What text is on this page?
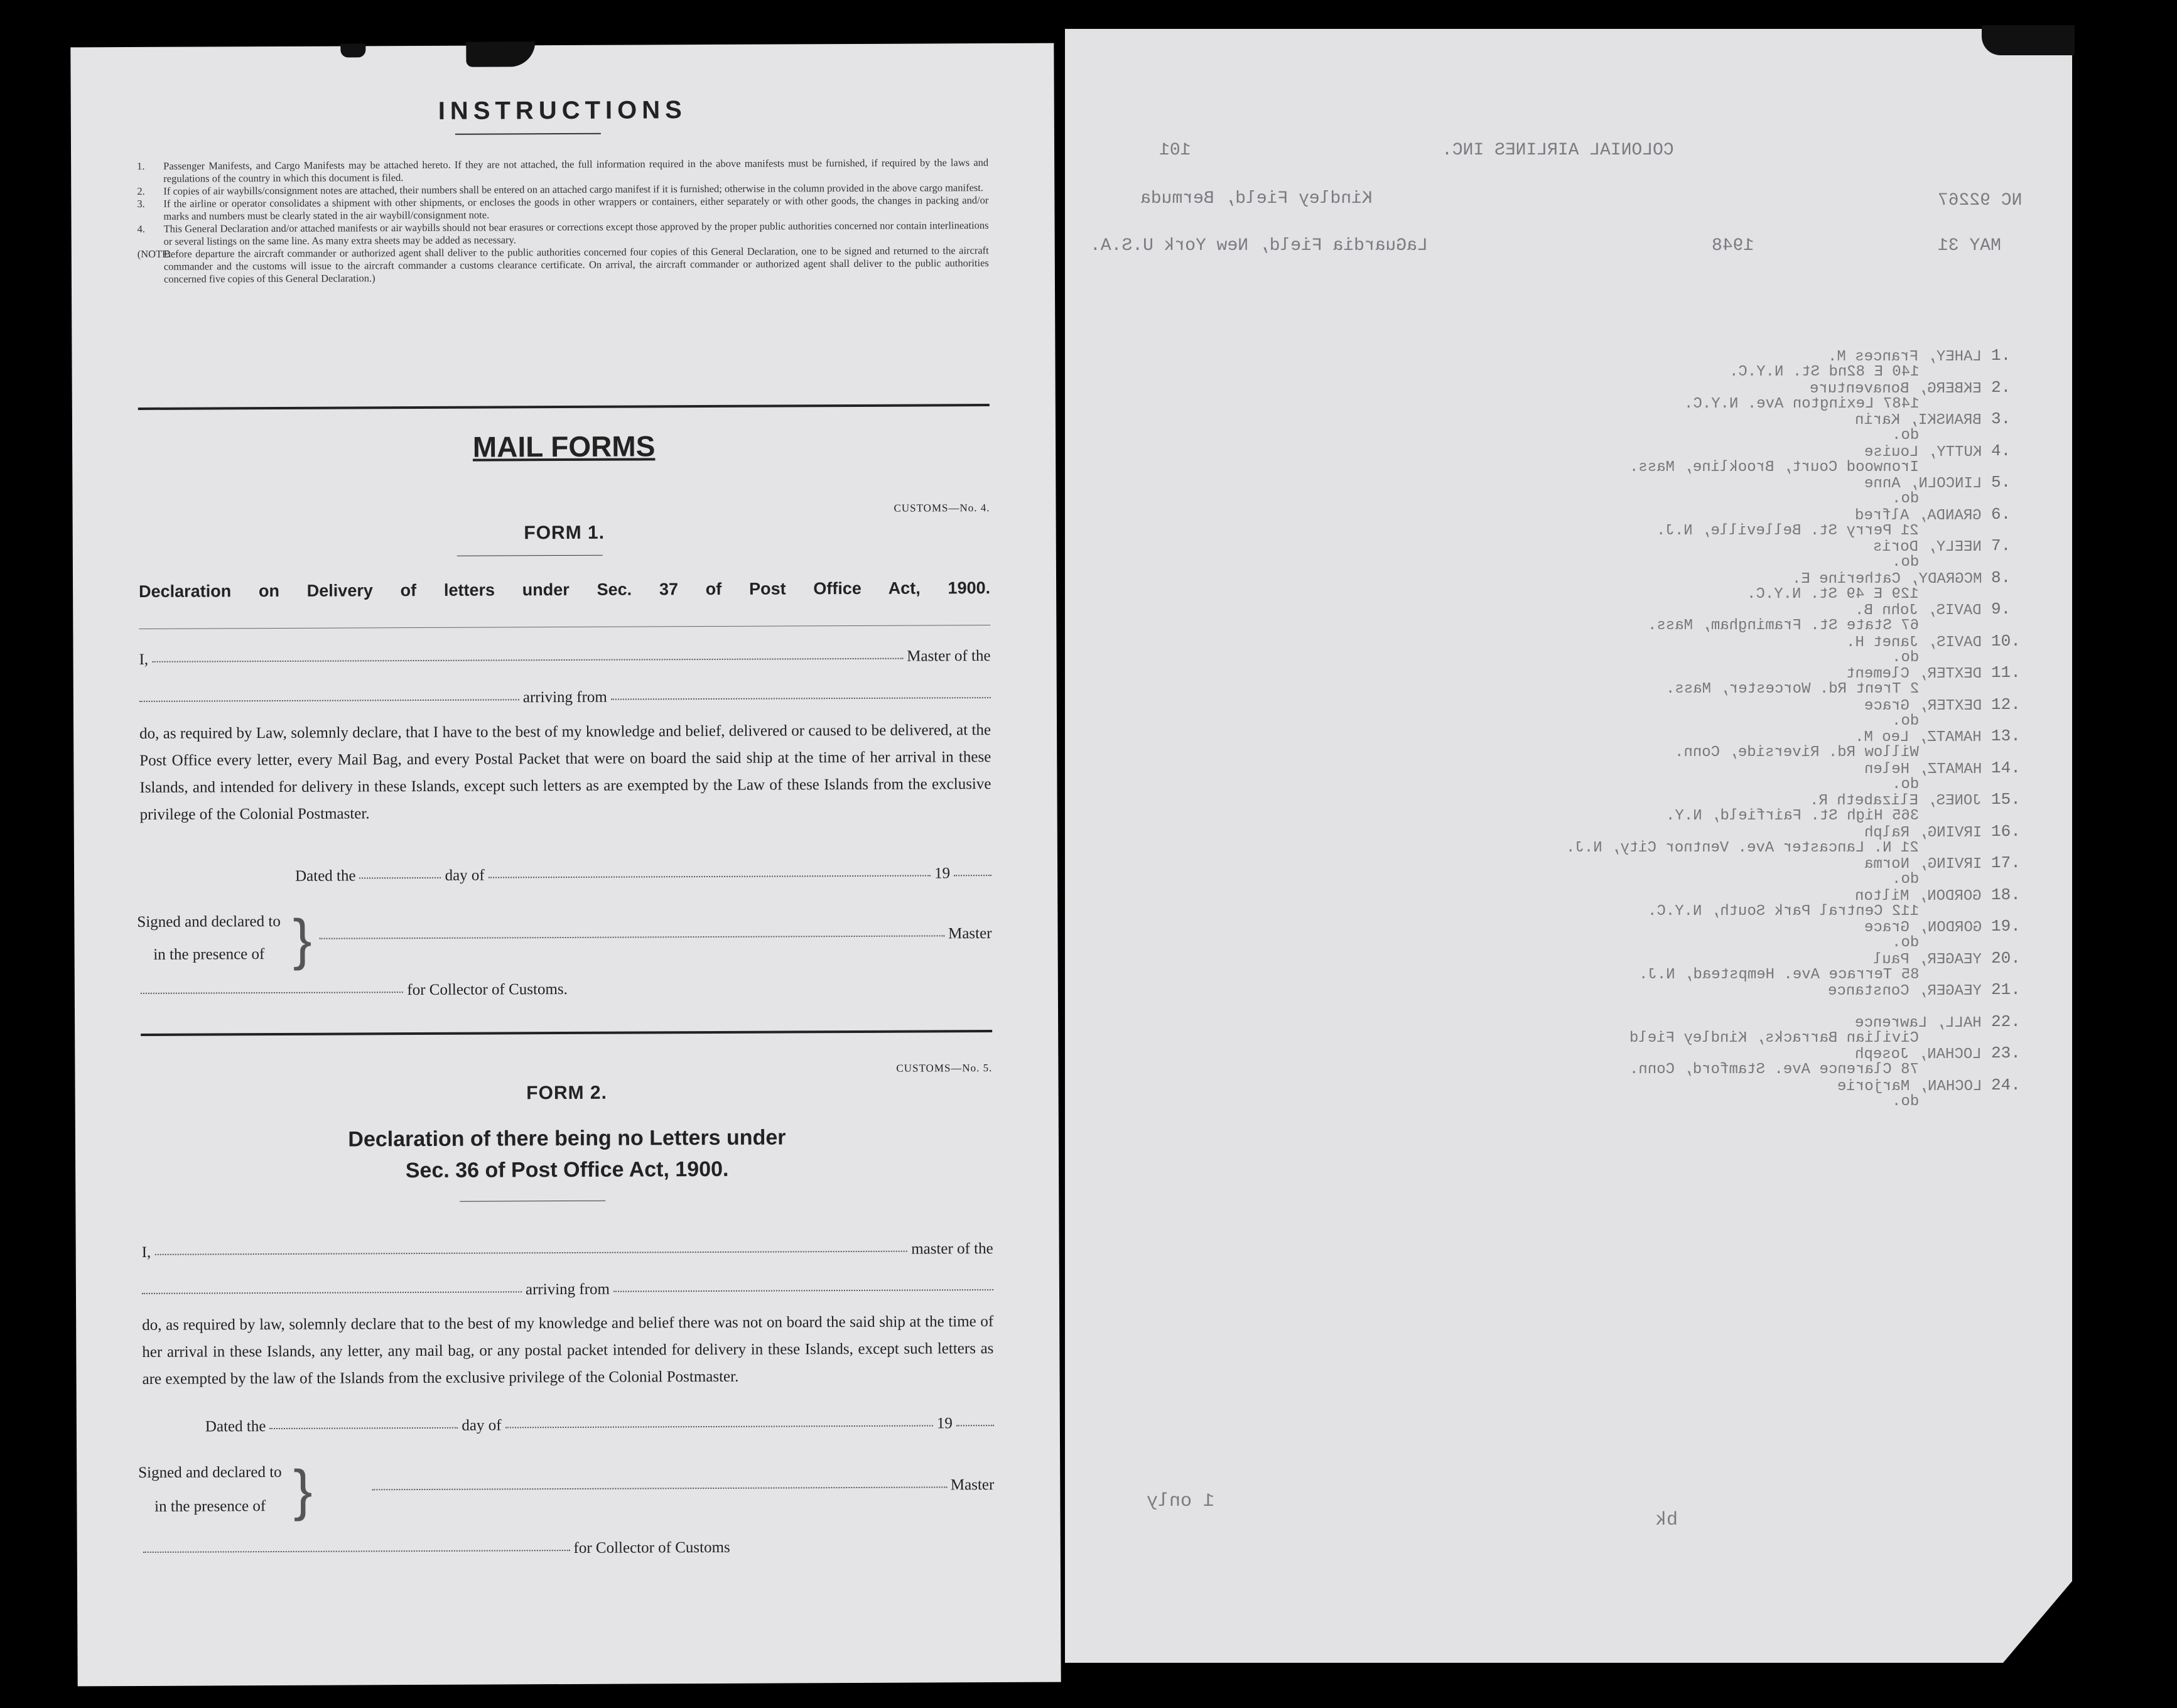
INSTRUCTIONS

1. Passenger Manifests, and Cargo Manifests may be attached hereto. If they are not attached, the full information required in the above manifests must be furnished, if required by the laws and regulations of the country in which this document is filed.

2. If copies of air waybills/consignment notes are attached, their numbers shall be entered on an attached cargo manifest if it is furnished; otherwise in the column provided in the above cargo manifest.

3. If the airline or operator consolidates a shipment with other shipments, or encloses the goods in other wrappers or containers, either separately or with other goods, the changes in packing and/or marks and numbers must be clearly stated in the air waybill/consignment note.

4. This General Declaration and/or attached manifests or air waybills should not bear erasures or corrections except those approved by the proper public authorities concerned nor contain interlineations or several listings on the same line. As many extra sheets may be added as necessary.

(NOTE:
Before departure the aircraft commander or authorized agent shall deliver to the public authorities concerned four copies of this General Declaration, one to be signed and returned to the aircraft commander and the customs will issue to the aircraft commander a customs clearance certificate. On arrival, the aircraft commander or authorized agent shall deliver to the public authorities concerned five copies of this General Declaration.)

MAIL FORMS
CUSTOMS—No. 4.
FORM 1.
Declaration on Delivery of letters under Sec. 37 of Post Office Act, 1900.
I,	Master of the
arriving from
do, as required by Law, solemnly declare, that I have to the best of my knowledge and belief, delivered or caused to be delivered, at the Post Office every letter, every Mail Bag, and every Postal Packet that were on board the said ship at the time of her arrival in these Islands, and intended for delivery in these Islands, except such letters as are exempted by the Law of these Islands from the exclusive privilege of the Colonial Postmaster.
Dated the	day of	19
Signed and declared to
in the presence of }	Master
for Collector of Customs.
CUSTOMS—No. 5.
FORM 2.
Declaration of there being no Letters under
Sec. 36 of Post Office Act, 1900.
I,	master of the
arriving from
do, as required by law, solemnly declare that to the best of my knowledge and belief there was not on board the said ship at the time of her arrival in these Islands, any letter, any mail bag, or any postal packet intended for delivery in these Islands, except such letters as are exempted by the law of the Islands from the exclusive privilege of the Colonial Postmaster.
Dated the	day of	19
Signed and declared to
in the presence of }	Master
for Collector of Customs
101	COLONIAL AIRLINES INC.
NC 92267
Kindley Field, Bermuda
MAY 31
1948
LaGuardia Field, New York U.S.A.
1.
LAHEY, Frances M.
140 E 82nd St. N.Y.C.
2.
EKBERG, Bonaventure
1487 Lexington Ave. N.Y.C.
3.
BRANSKI, Karin
do.
4.
KUTTY, Louise
Ironwood Court, Brookline, Mass.
5.
LINCOLN, Anne
do.
6.
GRANDA, Alfred
21 Perry St. Belleville, N.J.
7.
NEELY, Doris
do.
8.
MCGRADY, Catherine E.
129 E 49 St. N.Y.C.
9.
DAVIS, John B.
67 State St. Framingham, Mass.
10.
DAVIS, Janet H.
do.
11.
DEXTER, Clement
2 Trent Rd. Worcester, Mass.
12.
DEXTER, Grace
do.
13.
HAMATZ, Leo M.
Willow Rd. Riverside, Conn.
14.
HAMATZ, Helen
do.
15.
JONES, Elizabeth R.
365 High St. Fairfield, N.Y.
16.
IRVING, Ralph
21 N. Lancaster Ave. Ventnor City, N.J.
17.
IRVING, Norma
do.
18.
GORDON, Milton
112 Central Park South, N.Y.C.
19.
GORDON, Grace
do.
20.
YEAGER, Paul
85 Terrace Ave. Hempstead, N.J.
21.
YEAGER, Constance
22.
HALL, Lawrence
Civilian Barracks, Kindley Field
23.
LOCHAN, Joseph
78 Clarence Ave. Stamford, Conn.
24.
LOCHAN, Marjorie
do.
1 only
bk
